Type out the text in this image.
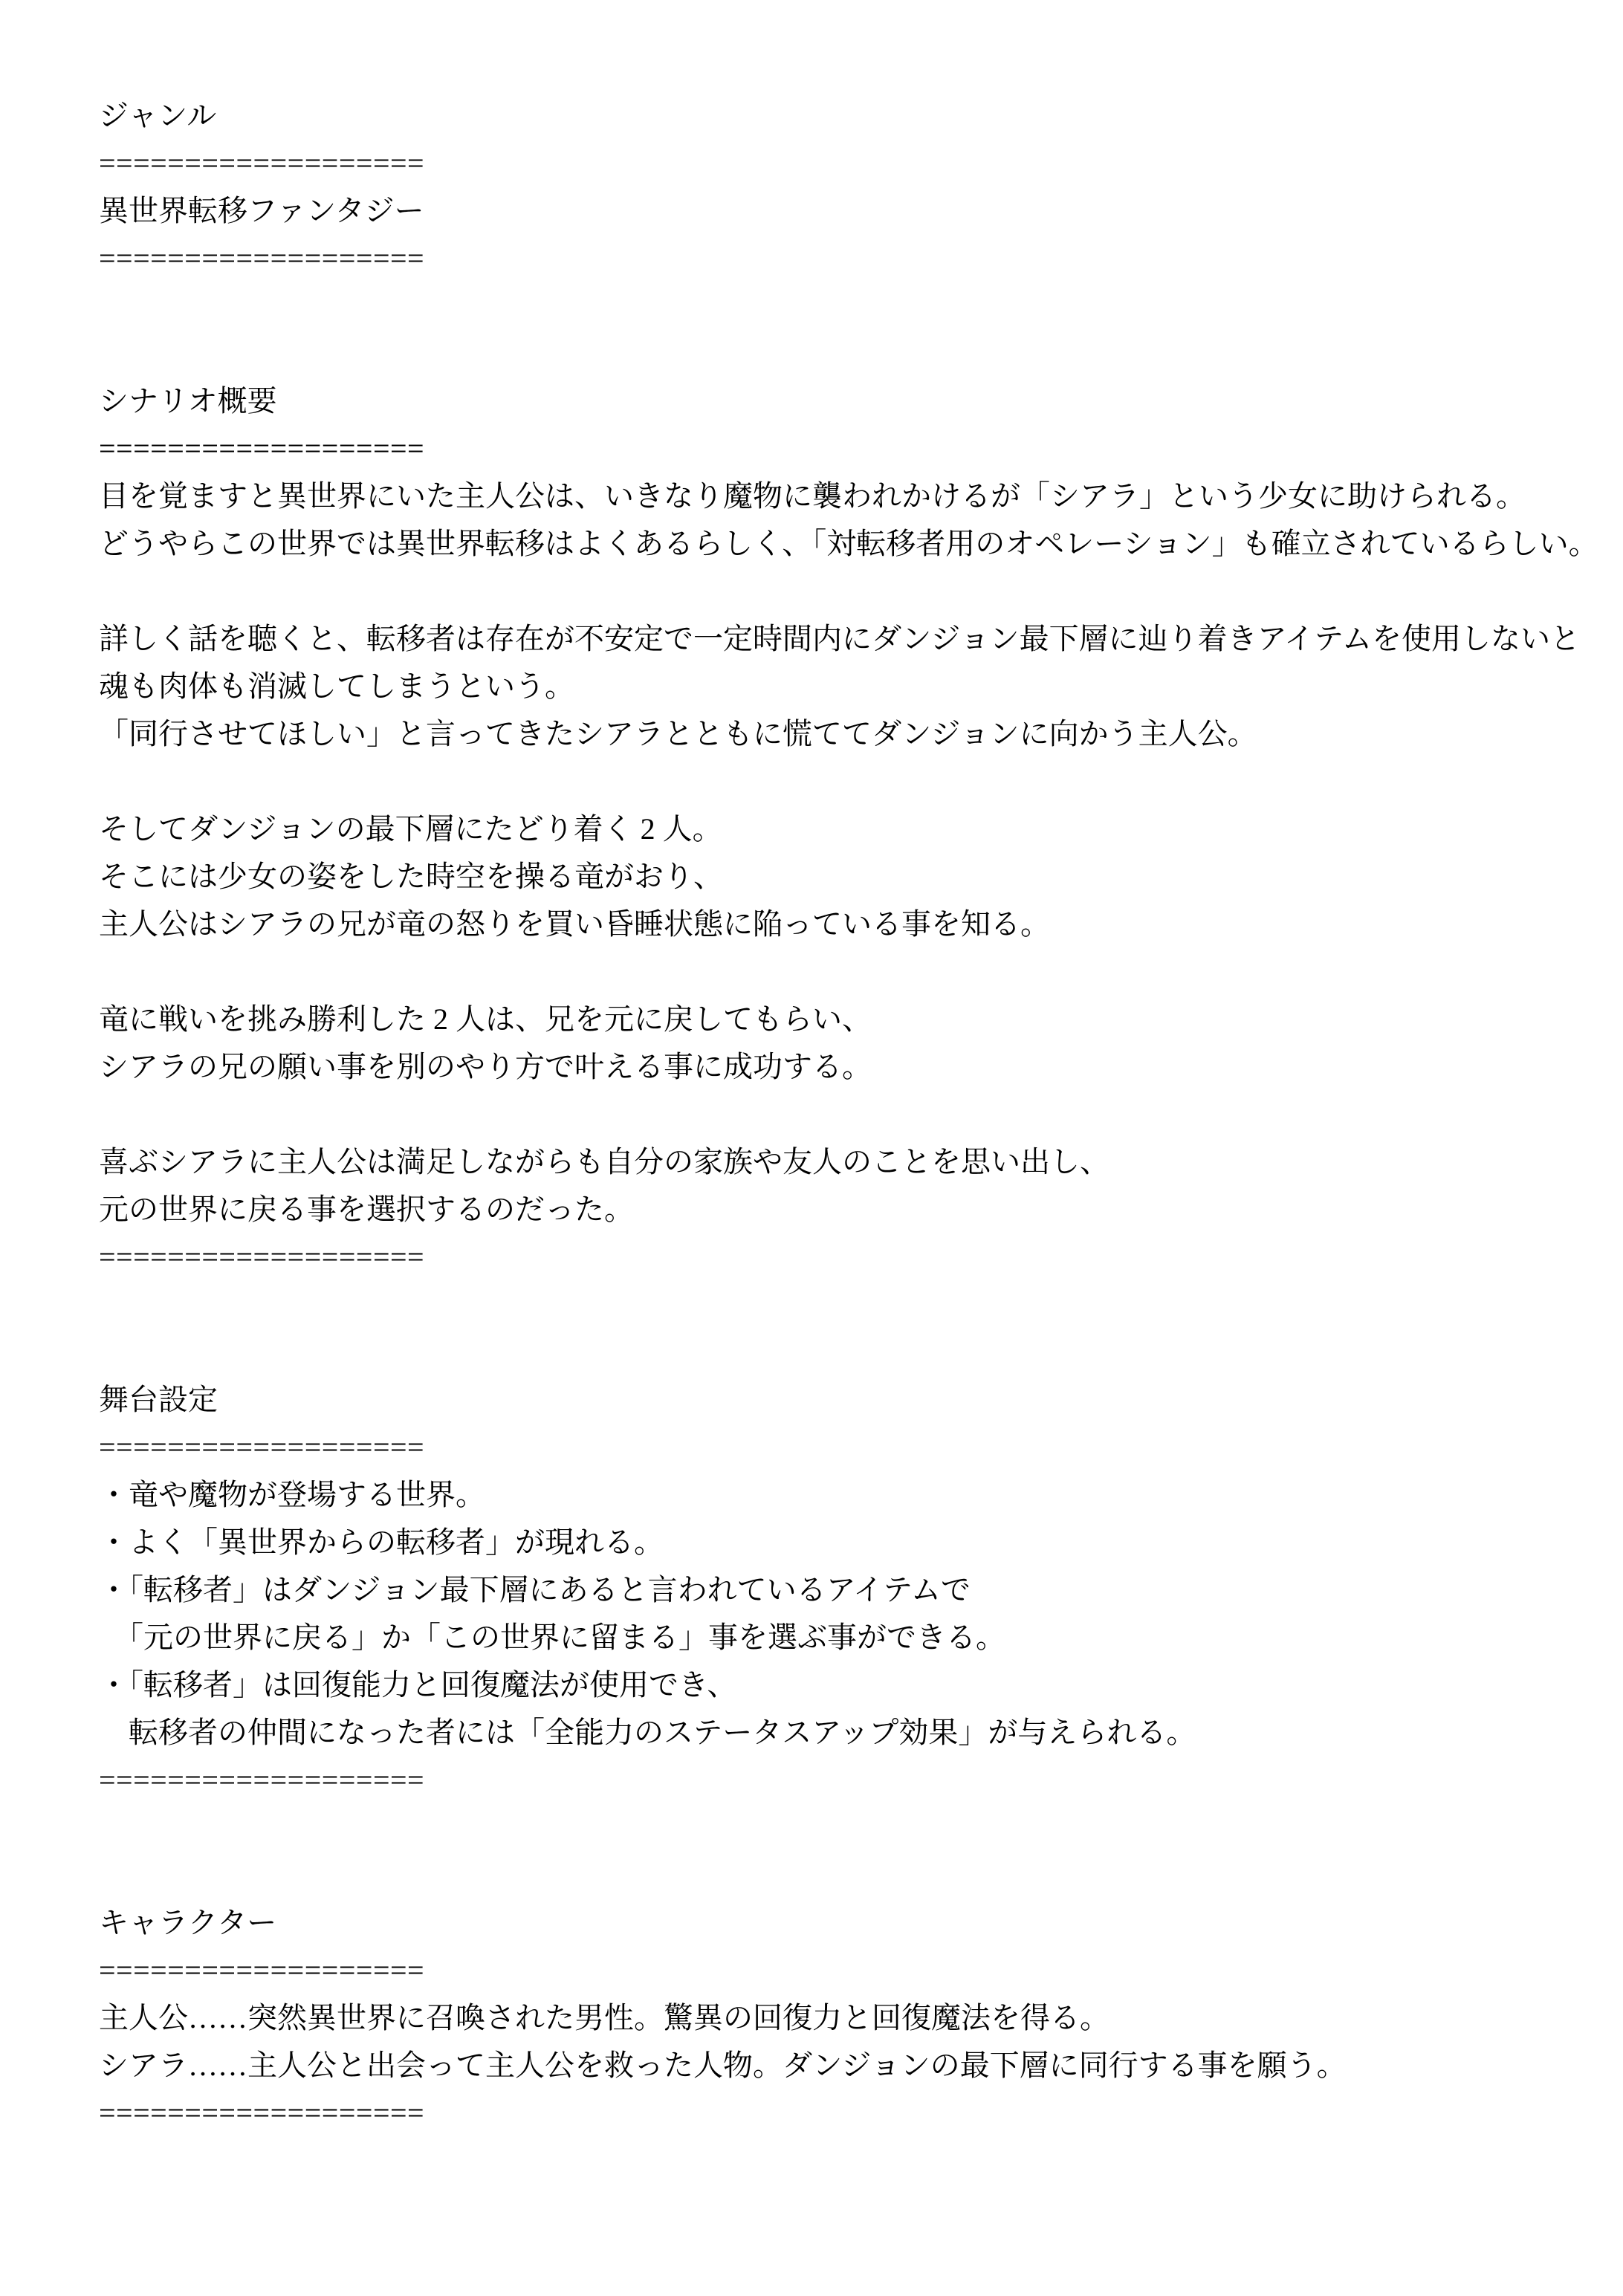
ジャンル
===================
異世界転移ファンタジー
===================
シナリオ概要
===================
目を覚ますと異世界にいた主人公は、いきなり魔物に襲われかけるが「シアラ」という少女に助けられる。
どうやらこの世界では異世界転移はよくあるらしく、「対転移者用のオペレーション」も確立されているらしい。
詳しく話を聴くと、転移者は存在が不安定で一定時間内にダンジョン最下層に辿り着きアイテムを使用しないと
魂も肉体も消滅してしまうという。
「同行させてほしい」と言ってきたシアラとともに慌ててダンジョンに向かう主人公。
そしてダンジョンの最下層にたどり着く 2 人。
そこには少女の姿をした時空を操る竜がおり、
主人公はシアラの兄が竜の怒りを買い昏睡状態に陥っている事を知る。
竜に戦いを挑み勝利した 2 人は、兄を元に戻してもらい、
シアラの兄の願い事を別のやり方で叶える事に成功する。
喜ぶシアラに主人公は満足しながらも自分の家族や友人のことを思い出し、
元の世界に戻る事を選択するのだった。
===================
舞台設定
===================
・竜や魔物が登場する世界。
・よく「異世界からの転移者」が現れる。
・「転移者」はダンジョン最下層にあると言われているアイテムで
　「元の世界に戻る」か「この世界に留まる」事を選ぶ事ができる。
・「転移者」は回復能力と回復魔法が使用でき、
　転移者の仲間になった者には「全能力のステータスアップ効果」が与えられる。
===================
キャラクター
===================
主人公……突然異世界に召喚された男性。驚異の回復力と回復魔法を得る。
シアラ……主人公と出会って主人公を救った人物。ダンジョンの最下層に同行する事を願う。
===================
